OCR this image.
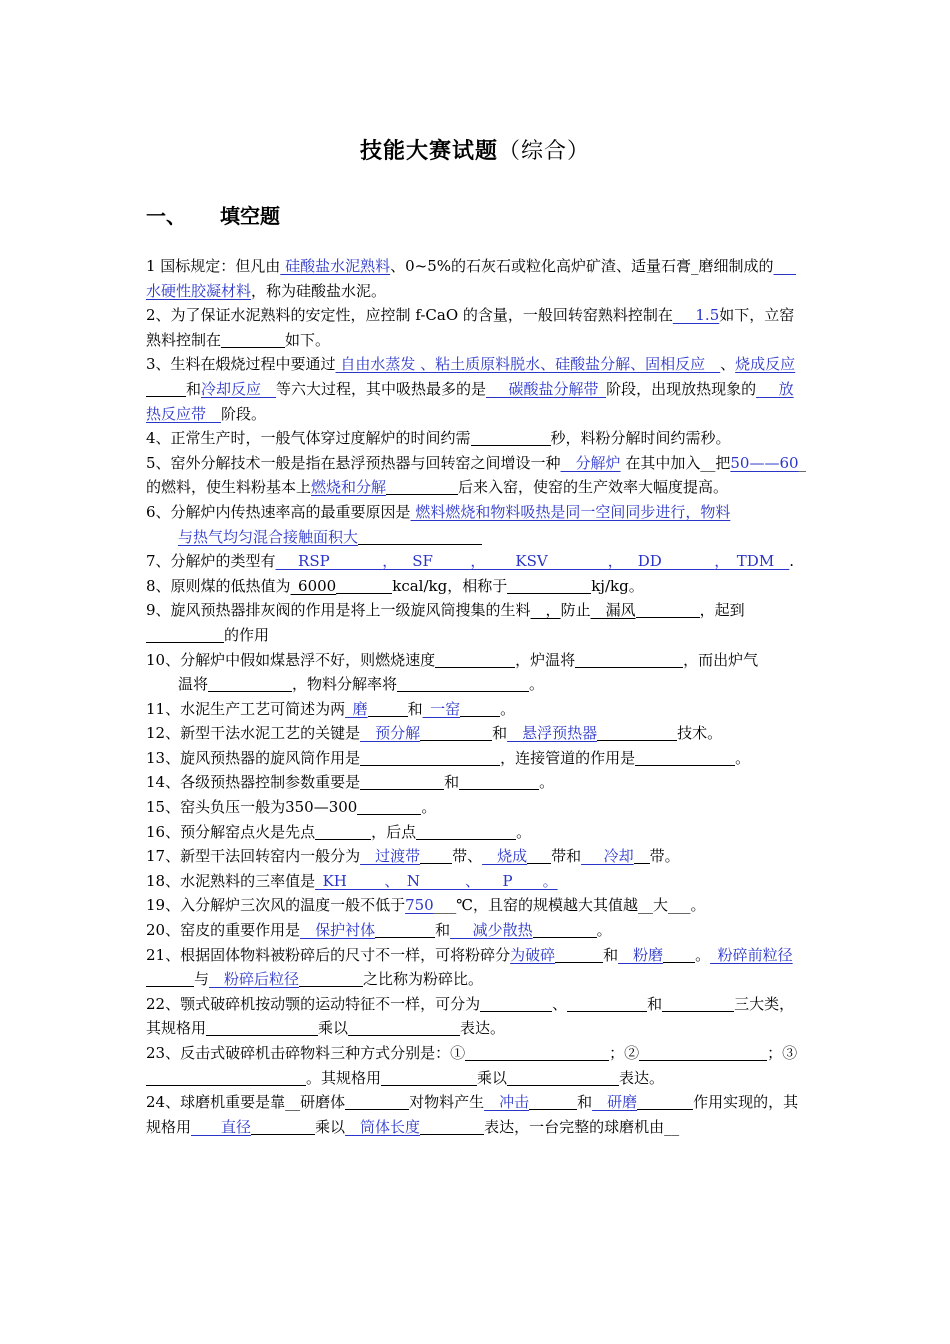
技能大赛试题（综合）
一、 填空题

1 国标规定：但凡由 硅酸盐水泥熟料、0~5%的石灰石或粒化高炉矿渣、适量石膏_磨细制成的___水硬性胶凝材料，称为硅酸盐水泥。

2、为了保证水泥熟料的安定性，应控制 f-CaO 的含量，一般回转窑熟料控制在___1.5如下，立窑熟料控制在	如下。

3、生料在煅烧过程中要通过 自由水蒸发 、粘土质原料脱水、硅酸盐分解、固相反应__、烧成反应和冷却反应__等六大过程，其中吸热最多的是___碳酸盐分解带_阶段，出现放热现象的___放热反应带__阶段。

4、正常生产时，一般气体穿过度解炉的时间约需	秒，料粉分解时间约需秒。

5、窑外分解技术一般是指在悬浮预热器与回转窑之间增设一种__分解炉 在其中加入__把50——60_的燃料，使生料粉基本上燃烧和分解	后来入窑，使窑的生产效率大幅度提高。

6、分解炉内传热速率高的最重要原因是 燃料燃烧和物料吸热是同一空间同步进行，物料
与热气均匀混合接触面积大

7、分解炉的类型有___RSP_______，__SF_____，____KSV________，__DD_______，_TDM__.

8、原则煤的低热值为_6000	kcal/kg，相称于	kj/kg。

9、旋风预热器排灰阀的作用是将上一级旋风筒搜集的生料__，防止__漏风	，起到的作用

10、分解炉中假如煤悬浮不好，则燃烧速度	，炉温将	，而出炉气
温将	，物料分解率将	。

11、水泥生产工艺可简述为两_磨	和_一窑	。

12、新型干法水泥工艺的关键是__预分解	和__悬浮预热器	技术。

13、旋风预热器的旋风筒作用是	，连接管道的作用是	。

14、各级预热器控制参数重要是	和	。

15、窑头负压一般为350—300	。

16、预分解窑点火是先点	，后点	。

17、新型干法回转窑内一般分为__过渡带 带、__烧成 带和___冷却 带。

18、水泥熟料的三率值是_KH_____、_N______、___P____。

19、入分解炉三次风的温度一般不低于750___℃，且窑的规模越大其值越__大___。

20、窑皮的重要作用是__保护衬体	和___减少散热	。

21、根据固体物料被粉碎后的尺寸不一样，可将粉碎分为破碎	和__粉磨 。_粉碎前粒径与__粉碎后粒径	之比称为粉碎比。

22、颚式破碎机按动颚的运动特征不一样，可分为	、	和	三大类，其规格用	乘以	表达。

23、反击式破碎机击碎物料三种方式分别是：①	；②	；③。其规格用	乘以	表达。

24、球磨机重要是靠__研磨体	对物料产生__冲击	和__研磨	作用实现的，其规格用____直径	乘以__筒体长度	表达，一台完整的球磨机由__
